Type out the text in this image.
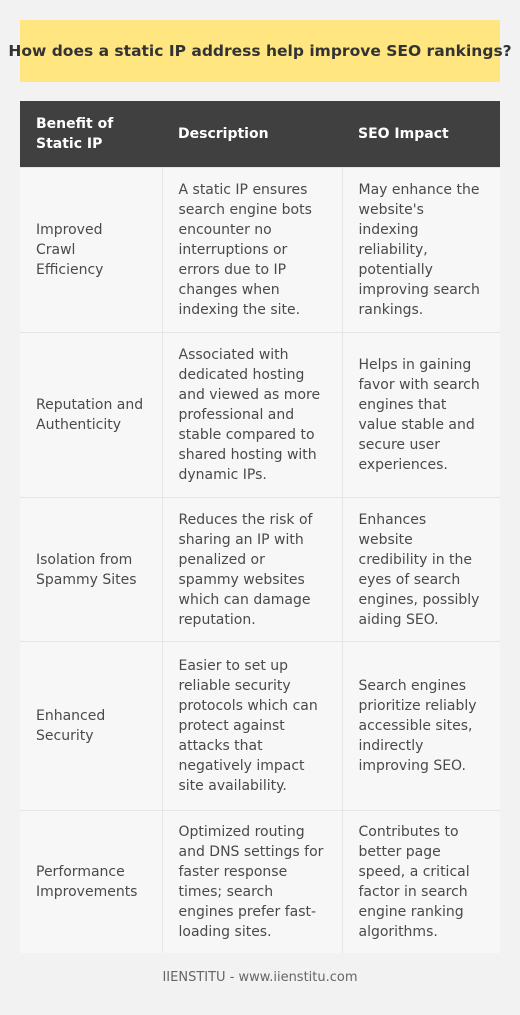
How does a static IP address help improve SEO rankings?
Benefit of Static IP	Description	SEO Impact
Improved Crawl Efficiency	A static IP ensures search engine bots encounter no interruptions or errors due to IP changes when indexing the site.	May enhance the website's indexing reliability, potentially improving search rankings.
Reputation and Authenticity	Associated with dedicated hosting and viewed as more professional and stable compared to shared hosting with dynamic IPs.	Helps in gaining favor with search engines that value stable and secure user experiences.
Isolation from Spammy Sites	Reduces the risk of sharing an IP with penalized or spammy websites which can damage reputation.	Enhances website credibility in the eyes of search engines, possibly aiding SEO.
Enhanced Security	Easier to set up reliable security protocols which can protect against attacks that negatively impact site availability.	Search engines prioritize reliably accessible sites, indirectly improving SEO.
Performance Improvements	Optimized routing and DNS settings for faster response times; search engines prefer fast-loading sites.	Contributes to better page speed, a critical factor in search engine ranking algorithms.
IIENSTITU - www.iienstitu.com
